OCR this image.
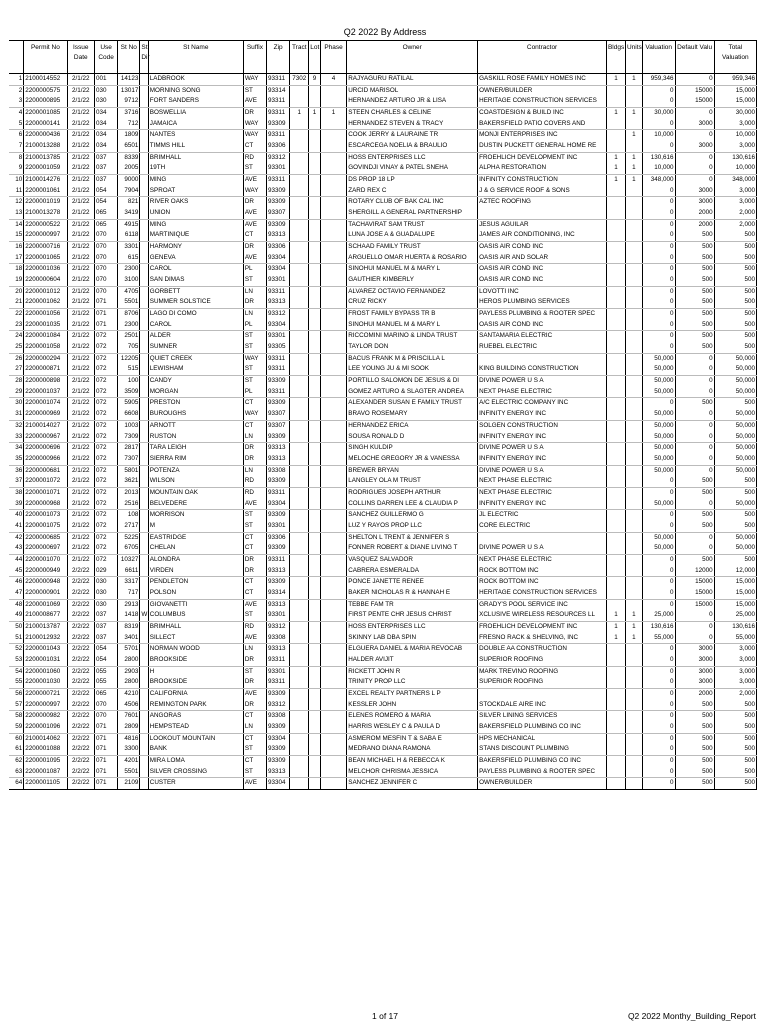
Q2 2022 By Address
	Permit No	Issue Date	Use Code	St No	St Dir	St Name	Suffix	Zip	Tract	Lot	Phase	Owner	Contractor	Bldgs	Units	Valuation	Default Valu	Total Valuation
1	2100014552	2/1/22	001	14123		LADBROOK	WAY	93311	7302	9	4	RAJYAGURU RATILAL	GASKILL ROSE FAMILY HOMES INC	1	1	959,346	0	959,346
2	2200000575	2/1/22	030	13017		MORNING SONG	ST	93314				URCID MARISOL	OWNER/BUILDER			0	15000	15,000
3	2200000895	2/1/22	030	9712		FORT SANDERS	AVE	93311				HERNANDEZ ARTURO JR & LISA	HERITAGE CONSTRUCTION SERVICES			0	15000	15,000
4	2200001085	2/1/22	034	3716		BOSWELLIA	DR	93311	1	1	1	STEEN CHARLES & CELINE	COASTDESIGN & BUILD INC	1	1	30,000	0	30,000
5	2200000141	2/1/22	034	712		JAMAICA	WAY	93309				HERNANDEZ STEVEN & TRACY	BAKERSFIELD PATIO COVERS AND			0	3000	3,000
6	2200000436	2/1/22	034	1809		NANTES	WAY	93311				COOK JERRY & LAURAINE TR	MONJI ENTERPRISES INC		1	10,000	0	10,000
7	2100013288	2/1/22	034	6501		TIMMS HILL	CT	93306				ESCARCEGA NOELIA & BRAULIO	DUSTIN PUCKETT GENERAL HOME RE			0	3000	3,000
8	2100013785	2/1/22	037	8339		BRIMHALL	RD	93312				HOSS ENTERPRISES LLC	FROEHLICH DEVELOPMENT INC	1	1	130,616	0	130,616
9	2200001059	2/1/22	037	2005		19TH	ST	93301				GOVINDJI VINAY & PATEL SNEHA	ALPHA RESTORATION	1	1	10,000	0	10,000
10	2100014276	2/1/22	037	9000		MING	AVE	93311				DS PROP 18 LP	INFINITY CONSTRUCTION	1	1	348,000	0	348,000
11	2200001061	2/1/22	054	7904		SPROAT	WAY	93309				ZARD REX C	J & G SERVICE ROOF & SONS			0	3000	3,000
12	2200001019	2/1/22	054	821		RIVER OAKS	DR	93309				ROTARY CLUB OF BAK CAL INC	AZTEC ROOFING			0	3000	3,000
13	2100013278	2/1/22	065	3419		UNION	AVE	93307				SHERGILL A GENERAL PARTNERSHIP				0	2000	2,000
14	2200000522	2/1/22	065	4915		MING	AVE	93309				TACHAVIRAT SAM TRUST	JESUS AGUILAR			0	2000	2,000
15	2200000997	2/1/22	070	6118		MARTINIQUE	CT	93313				LUNA JOSE A & GUADALUPE	JAMES AIR CONDITIONING, INC			0	500	500
16	2200000716	2/1/22	070	3301		HARMONY	DR	93306				SCHAAD FAMILY TRUST	OASIS AIR COND INC			0	500	500
17	2200001065	2/1/22	070	615		GENEVA	AVE	93304				ARGUELLO OMAR HUERTA & ROSARIO	OASIS AIR AND SOLAR			0	500	500
18	2200001036	2/1/22	070	2300		CAROL	PL	93304				SINOHUI MANUEL M & MARY L	OASIS AIR COND INC			0	500	500
19	2200000604	2/1/22	070	3100		SAN DIMAS	ST	93301				GAUTHIER KIMBERLY	OASIS AIR COND INC			0	500	500
20	2200001012	2/1/22	070	4705		GORBETT	LN	93311				ALVAREZ OCTAVIO FERNANDEZ	LOVOTTI INC			0	500	500
21	2200001062	2/1/22	071	5501		SUMMER SOLSTICE	DR	93313				CRUZ RICKY	HEROS PLUMBING SERVICES			0	500	500
22	2200001056	2/1/22	071	8706		LAGO DI COMO	LN	93312				FROST FAMILY BYPASS TR B	PAYLESS PLUMBING & ROOTER SPEC			0	500	500
23	2200001035	2/1/22	071	2300		CAROL	PL	93304				SINOHUI MANUEL M & MARY L	OASIS AIR COND INC			0	500	500
24	2200001084	2/1/22	072	2501		ALDER	ST	93301				RICCOMINI MARINO & LINDA TRUST	SANTAMARIA ELECTRIC			0	500	500
25	2200001058	2/1/22	072	705		SUMNER	ST	93305				TAYLOR DON	RUEBEL ELECTRIC			0	500	500
26	2200000294	2/1/22	072	12205		QUIET CREEK	WAY	93311				BACUS FRANK M & PRISCILLA L				50,000	0	50,000
27	2200000871	2/1/22	072	515		LEWISHAM	ST	93311				LEE YOUNG JU & MI SOOK	KING BUILDING CONSTRUCTION			50,000	0	50,000
28	2200000898	2/1/22	072	100		CANDY	ST	93309				PORTILLO SALOMON DE JESUS & DI	DIVINE POWER U S A			50,000	0	50,000
29	2200001037	2/1/22	072	3509		MORGAN	PL	93311				GOMEZ ARTURO & SLAGTER ANDREA	NEXT PHASE ELECTRIC			50,000	0	50,000
30	2200001074	2/1/22	072	5905		PRESTON	CT	93309				ALEXANDER SUSAN E FAMILY TRUST	A/C ELECTRIC COMPANY INC			0	500	500
31	2200000969	2/1/22	072	6608		BUROUGHS	WAY	93307				BRAVO ROSEMARY	INFINITY ENERGY INC			50,000	0	50,000
32	2100014027	2/1/22	072	1003		ARNOTT	CT	93307				HERNANDEZ ERICA	SOLGEN CONSTRUCTION			50,000	0	50,000
33	2200000967	2/1/22	072	7309		RUSTON	LN	93309				SOUSA RONALD D	INFINITY ENERGY INC			50,000	0	50,000
34	2200000696	2/1/22	072	2817		TARA LEIGH	DR	93313				SINGH KULDIP	DIVINE POWER U S A			50,000	0	50,000
35	2200000966	2/1/22	072	7307		SIERRA RIM	DR	93313				MELOCHE GREGORY JR & VANESSA	INFINITY ENERGY INC			50,000	0	50,000
36	2200000681	2/1/22	072	5801		POTENZA	LN	93308				BREWER BRYAN	DIVINE POWER U S A			50,000	0	50,000
37	2200001072	2/1/22	072	3621		WILSON	RD	93309				LANGLEY OLA M TRUST	NEXT PHASE ELECTRIC			0	500	500
38	2200001071	2/1/22	072	2013		MOUNTAIN OAK	RD	93311				RODRIGUES JOSEPH ARTHUR	NEXT PHASE ELECTRIC			0	500	500
39	2200000968	2/1/22	072	2516		BELVEDERE	AVE	93304				COLLINS DARREN LEE & CLAUDIA P	INFINITY ENERGY INC			50,000	0	50,000
40	2200001073	2/1/22	072	108		MORRISON	ST	93309				SANCHEZ GUILLERMO G	JL ELECTRIC			0	500	500
41	2200001075	2/1/22	072	2717		M	ST	93301				LUZ Y RAYOS PROP LLC	CORE ELECTRIC			0	500	500
42	2200000685	2/1/22	072	5225		EASTRIDGE	CT	93306				SHELTON L TRENT & JENNIFER S				50,000	0	50,000
43	2200000697	2/1/22	072	6705		CHELAN	CT	93309				FONNER ROBERT & DIANE LIVING T	DIVINE POWER U S A			50,000	0	50,000
44	2200001070	2/1/22	072	10327		ALONDRA	DR	93311				VASQUEZ SALVADOR	NEXT PHASE ELECTRIC			0	500	500
45	2200000949	2/2/22	029	6611		VIRDEN	DR	93313				CABRERA ESMERALDA	ROCK BOTTOM INC			0	12000	12,000
46	2200000948	2/2/22	030	3317		PENDLETON	CT	93309				PONCE JANETTE RENEE	ROCK BOTTOM INC			0	15000	15,000
47	2200000901	2/2/22	030	717		POLSON	CT	93314				BAKER NICHOLAS R & HANNAH E	HERITAGE CONSTRUCTION SERVICES			0	15000	15,000
48	2200001069	2/2/22	030	2913		GIOVANETTI	AVE	93313				TEBBE FAM TR	GRADY'S POOL SERVICE INC			0	15000	15,000
49	2100008677	2/2/22	037	1418	W	COLUMBUS	ST	93301				FIRST PENTE CHR JESUS CHRIST	XCLUSIVE WIRELESS RESOURCES LL	1	1	25,000	0	25,000
50	2100013787	2/2/22	037	8319		BRIMHALL	RD	93312				HOSS ENTERPRISES LLC	FROEHLICH DEVELOPMENT INC	1	1	130,616	0	130,616
51	2100012932	2/2/22	037	3401		SILLECT	AVE	93308				SKINNY LAB DBA SPIN	FRESNO RACK & SHELVING, INC	1	1	55,000	0	55,000
52	2200001043	2/2/22	054	5701		NORMAN WOOD	LN	93313				ELGUERA DANIEL & MARIA REVOCAB	DOUBLE AA CONSTRUCTION			0	3000	3,000
53	2200001031	2/2/22	054	2800		BROOKSIDE	DR	93311				HALDER AVIJIT	SUPERIOR ROOFING			0	3000	3,000
54	2200001060	2/2/22	055	2903		H	ST	93301				RICKETT JOHN R	MARK TREVINO ROOFING			0	3000	3,000
55	2200001030	2/2/22	055	2800		BROOKSIDE	DR	93311				TRINITY PROP LLC	SUPERIOR ROOFING			0	3000	3,000
56	2200000721	2/2/22	065	4210		CALIFORNIA	AVE	93309				EXCEL REALTY PARTNERS L P				0	2000	2,000
57	2200000997	2/2/22	070	4506		REMINGTON PARK	DR	93312				KESSLER JOHN	STOCKDALE AIRE INC			0	500	500
58	2200000982	2/2/22	070	7601		ANGORAS	CT	93308				ELENES ROMERO & MARIA	SILVER LINING SERVICES			0	500	500
59	2200001096	2/2/22	071	2809		HEMPSTEAD	LN	93309				HARRIS WESLEY C & PAULA D	BAKERSFIELD PLUMBING CO INC			0	500	500
60	2100014062	2/2/22	071	4816		LOOKOUT MOUNTAIN	CT	93304				ASMEROM MESFIN T & SABA E	HPS MECHANICAL			0	500	500
61	2200001088	2/2/22	071	3300		BANK	ST	93309				MEDRANO DIANA RAMONA	STANS DISCOUNT PLUMBING			0	500	500
62	2200001095	2/2/22	071	4201		MIRA LOMA	CT	93309				BEAN MICHAEL H & REBECCA K	BAKERSFIELD PLUMBING CO INC			0	500	500
63	2200001087	2/2/22	071	5501		SILVER CROSSING	ST	93313				MELCHOR CHRISMA JESSICA	PAYLESS PLUMBING & ROOTER SPEC			0	500	500
64	2200001105	2/2/22	071	2109		CUSTER	AVE	93304				SANCHEZ JENNIFER C	OWNER/BUILDER			0	500	500
1 of 17	Q2 2022 Monthy_Building_Report
